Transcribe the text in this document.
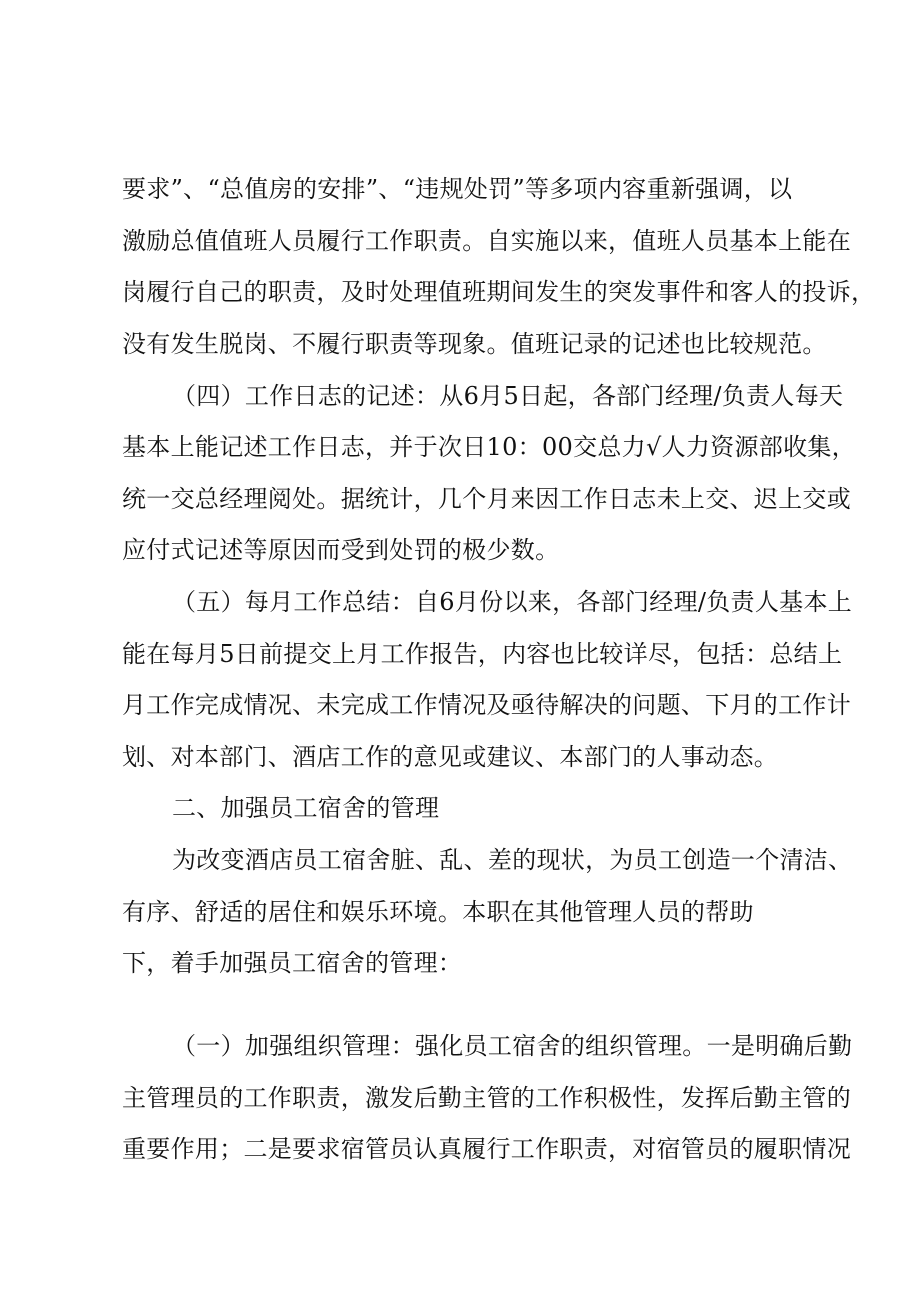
要求”、“总值房的安排”、“违规处罚”等多项内容重新强调，以
激励总值值班人员履行工作职责。自实施以来，值班人员基本上能在
岗履行自己的职责，及时处理值班期间发生的突发事件和客人的投诉，
没有发生脱岗、不履行职责等现象。值班记录的记述也比较规范。
（四）工作日志的记述：从6月5日起，各部门经理/负责人每天
基本上能记述工作日志，并于次日10：00交总力√人力资源部收集，
统一交总经理阅处。据统计，几个月来因工作日志未上交、迟上交或
应付式记述等原因而受到处罚的极少数。
（五）每月工作总结：自6月份以来，各部门经理/负责人基本上
能在每月5日前提交上月工作报告，内容也比较详尽，包括：总结上
月工作完成情况、未完成工作情况及亟待解决的问题、下月的工作计
划、对本部门、酒店工作的意见或建议、本部门的人事动态。
二、加强员工宿舍的管理
为改变酒店员工宿舍脏、乱、差的现状，为员工创造一个清洁、
有序、舒适的居住和娱乐环境。本职在其他管理人员的帮助
下，着手加强员工宿舍的管理：
（一）加强组织管理：强化员工宿舍的组织管理。一是明确后勤
主管理员的工作职责，激发后勤主管的工作积极性，发挥后勤主管的
重要作用；二是要求宿管员认真履行工作职责，对宿管员的履职情况
